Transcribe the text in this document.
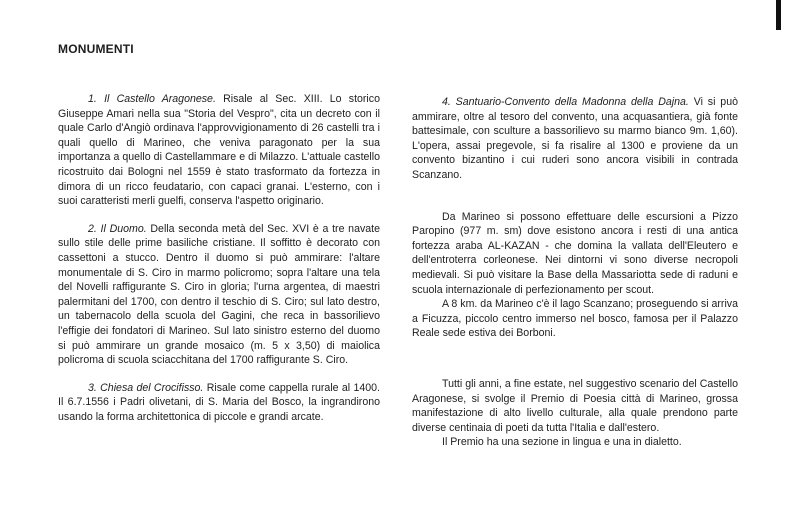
MONUMENTI

1. Il Castello Aragonese. Risale al Sec. XIII. Lo storico Giuseppe Amari nella sua "Storia del Vespro", cita un decreto con il quale Carlo d'Angiò ordinava l'approvvigionamento di 26 castelli tra i quali quello di Marineo, che veniva paragonato per la sua importanza a quello di Castellammare e di Milazzo. L'attuale castello ricostruito dai Bologni nel 1559 è stato trasformato da fortezza in dimora di un ricco feudatario, con capaci granai. L'esterno, con i suoi caratteristi merli guelfi, conserva l'aspetto originario.

2. Il Duomo. Della seconda metà del Sec. XVI è a tre navate sullo stile delle prime basiliche cristiane. Il soffitto è decorato con cassettoni a stucco. Dentro il duomo si può ammirare: l'altare monumentale di S. Ciro in marmo policromo; sopra l'altare una tela del Novelli raffigurante S. Ciro in gloria; l'urna argentea, di maestri palermitani del 1700, con dentro il teschio di S. Ciro; sul lato destro, un tabernacolo della scuola del Gagini, che reca in bassorilievo l'effigie dei fondatori di Marineo. Sul lato sinistro esterno del duomo si può ammirare un grande mosaico (m. 5 x 3,50) di maiolica policroma di scuola sciacchitana del 1700 raffigurante S. Ciro.

3. Chiesa del Crocifisso. Risale come cappella rurale al 1400. Il 6.7.1556 i Padri olivetani, di S. Maria del Bosco, la ingrandirono usando la forma architettonica di piccole e grandi arcate.

4. Santuario-Convento della Madonna della Dajna. Vi si può ammirare, oltre al tesoro del convento, una acquasantiera, già fonte battesimale, con sculture a bassorilievo su marmo bianco 9m. 1,60). L'opera, assai pregevole, si fa risalire al 1300 e proviene da un convento bizantino i cui ruderi sono ancora visibili in contrada Scanzano.

Da Marineo si possono effettuare delle escursioni a Pizzo Paropino (977 m. sm) dove esistono ancora i resti di una antica fortezza araba AL-KAZAN - che domina la vallata dell'Eleutero e dell'entroterra corleonese. Nei dintorni vi sono diverse necropoli medievali. Si può visitare la Base della Massariotta sede di raduni e scuola internazionale di perfezionamento per scout.

A 8 km. da Marineo c'è il lago Scanzano; proseguendo si arriva a Ficuzza, piccolo centro immerso nel bosco, famosa per il Palazzo Reale sede estiva dei Borboni.

Tutti gli anni, a fine estate, nel suggestivo scenario del Castello Aragonese, si svolge il Premio di Poesia città di Marineo, grossa manifestazione di alto livello culturale, alla quale prendono parte diverse centinaia di poeti da tutta l'Italia e dall'estero.

Il Premio ha una sezione in lingua e una in dialetto.
